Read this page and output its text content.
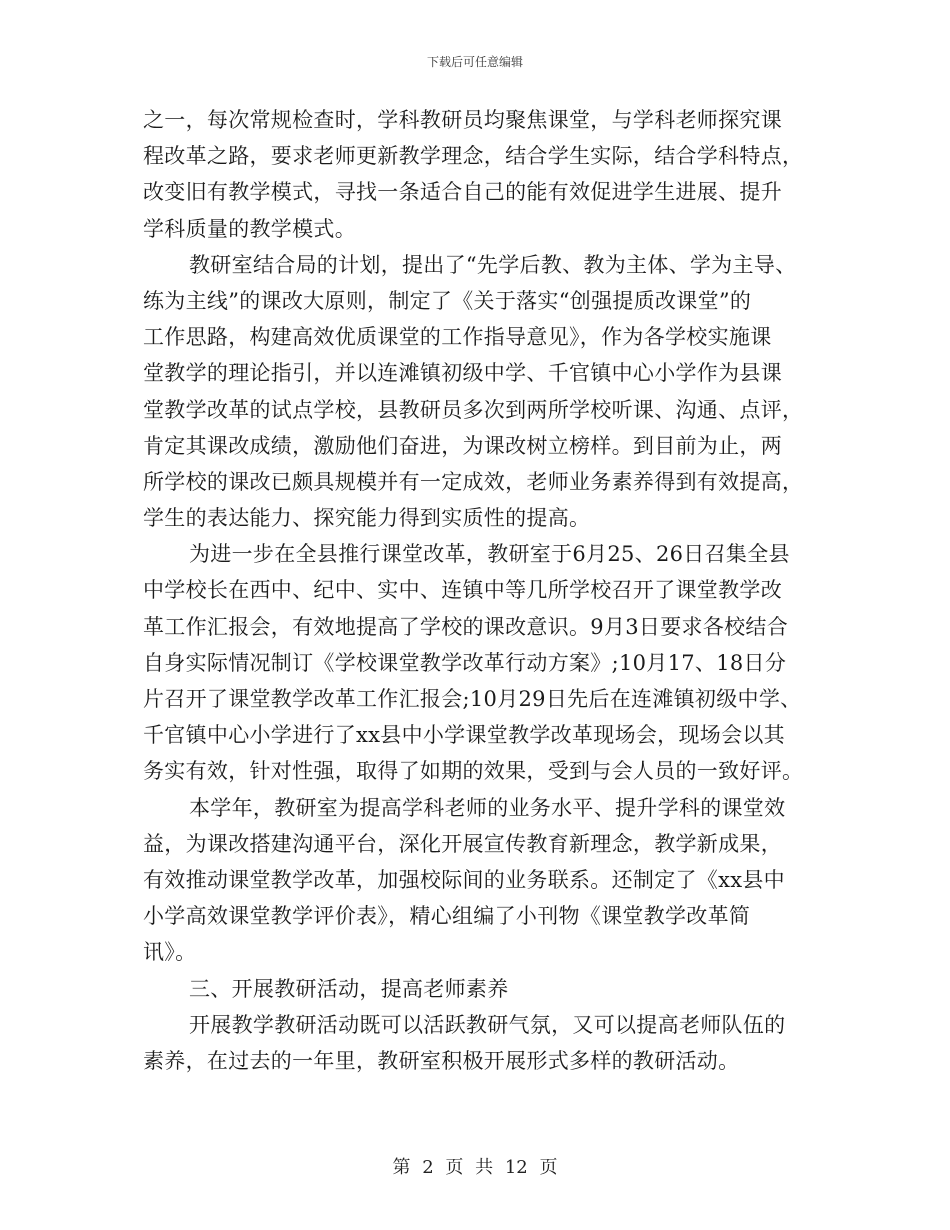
下载后可任意编辑
之一，每次常规检查时，学科教研员均聚焦课堂，与学科老师探究课
程改革之路，要求老师更新教学理念，结合学生实际，结合学科特点，
改变旧有教学模式，寻找一条适合自己的能有效促进学生进展、提升
学科质量的教学模式。
教研室结合局的计划，提出了“先学后教、教为主体、学为主导、
练为主线”的课改大原则，制定了《关于落实“创强提质改课堂”的
工作思路，构建高效优质课堂的工作指导意见》，作为各学校实施课
堂教学的理论指引，并以连滩镇初级中学、千官镇中心小学作为县课
堂教学改革的试点学校，县教研员多次到两所学校听课、沟通、点评，
肯定其课改成绩，激励他们奋进，为课改树立榜样。到目前为止，两
所学校的课改已颇具规模并有一定成效，老师业务素养得到有效提高，
学生的表达能力、探究能力得到实质性的提高。
为进一步在全县推行课堂改革，教研室于6月25、26日召集全县
中学校长在西中、纪中、实中、连镇中等几所学校召开了课堂教学改
革工作汇报会，有效地提高了学校的课改意识。9月3日要求各校结合
自身实际情况制订《学校课堂教学改革行动方案》;10月17、18日分
片召开了课堂教学改革工作汇报会;10月29日先后在连滩镇初级中学、
千官镇中心小学进行了xx县中小学课堂教学改革现场会，现场会以其
务实有效，针对性强，取得了如期的效果，受到与会人员的一致好评。
本学年，教研室为提高学科老师的业务水平、提升学科的课堂效
益，为课改搭建沟通平台，深化开展宣传教育新理念，教学新成果，
有效推动课堂教学改革，加强校际间的业务联系。还制定了《xx县中
小学高效课堂教学评价表》，精心组编了小刊物《课堂教学改革简
讯》。
三、开展教研活动，提高老师素养
开展教学教研活动既可以活跃教研气氛，又可以提高老师队伍的
素养，在过去的一年里，教研室积极开展形式多样的教研活动。
第 2 页 共 12 页
